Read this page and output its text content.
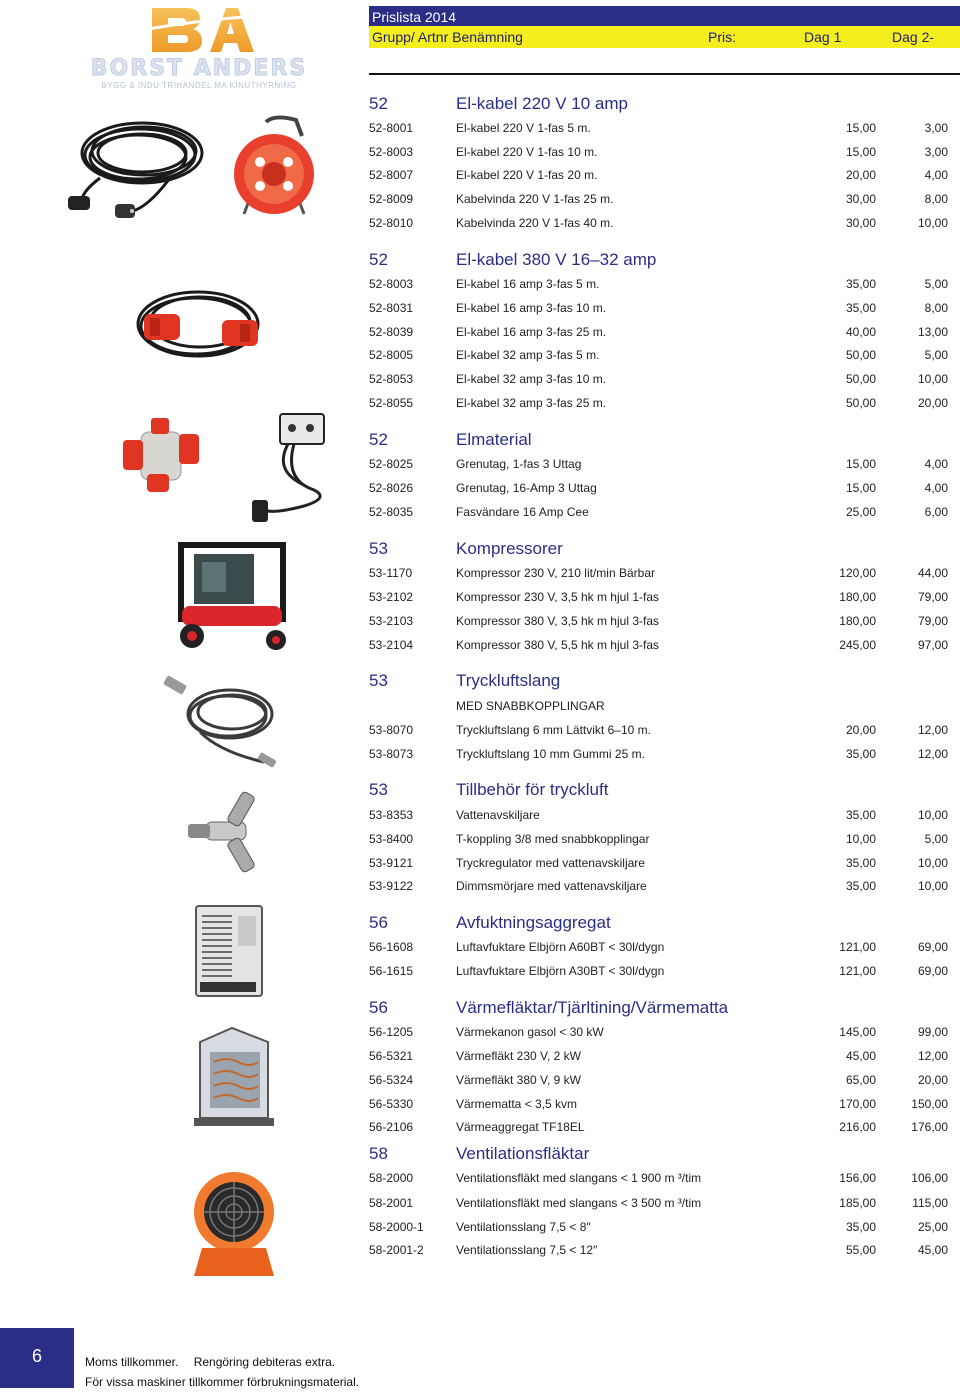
BORST ANDERS
BYGG & INDU TRIHANDEL MA KINUTHYRNING
Prislista 2014
Grupp/ Artnr Benämning	Pris:	Dag 1	Dag 2-
52	El-kabel 220 V 10 amp
52-8001	El-kabel 220 V 1-fas 5 m.	15,00	3,00
52-8003	El-kabel 220 V 1-fas 10 m.	15,00	3,00
52-8007	El-kabel 220 V 1-fas 20 m.	20,00	4,00
52-8009	Kabelvinda 220 V 1-fas 25 m.	30,00	8,00
52-8010	Kabelvinda 220 V 1-fas 40 m.	30,00	10,00
52	El-kabel 380 V 16–32 amp
52-8003	El-kabel 16 amp 3-fas 5 m.	35,00	5,00
52-8031	El-kabel 16 amp 3-fas 10 m.	35,00	8,00
52-8039	El-kabel 16 amp 3-fas 25 m.	40,00	13,00
52-8005	El-kabel 32 amp 3-fas 5 m.	50,00	5,00
52-8053	El-kabel 32 amp 3-fas 10 m.	50,00	10,00
52-8055	El-kabel 32 amp 3-fas 25 m.	50,00	20,00
52	Elmaterial
52-8025	Grenutag, 1-fas 3 Uttag	15,00	4,00
52-8026	Grenutag, 16-Amp 3 Uttag	15,00	4,00
52-8035	Fasvändare 16 Amp Cee	25,00	6,00
53	Kompressorer
53-1170	Kompressor 230 V, 210 lit/min Bärbar	120,00	44,00
53-2102	Kompressor 230 V, 3,5 hk m hjul 1-fas	180,00	79,00
53-2103	Kompressor 380 V, 3,5 hk m hjul 3-fas	180,00	79,00
53-2104	Kompressor 380 V, 5,5 hk m hjul 3-fas	245,00	97,00
53	Tryckluftslang
MED SNABBKOPPLINGAR
53-8070	Tryckluftslang 6 mm Lättvikt 6–10 m.	20,00	12,00
53-8073	Tryckluftslang 10 mm Gummi 25 m.	35,00	12,00
53	Tillbehör för tryckluft
53-8353	Vattenavskiljare	35,00	10,00
53-8400	T-koppling 3/8 med snabbkopplingar	10,00	5,00
53-9121	Tryckregulator med vattenavskiljare	35,00	10,00
53-9122	Dimmsmörjare med vattenavskiljare	35,00	10,00
56	Avfuktningsaggregat
56-1608	Luftavfuktare Elbjörn A60BT < 30l/dygn	121,00	69,00
56-1615	Luftavfuktare Elbjörn A30BT < 30l/dygn	121,00	69,00
56	Värmefläktar/Tjärltining/Värmematta
56-1205	Värmekanon gasol < 30 kW	145,00	99,00
56-5321	Värmefläkt 230 V, 2 kW	45,00	12,00
56-5324	Värmefläkt 380 V, 9 kW	65,00	20,00
56-5330	Värmematta < 3,5 kvm	170,00	150,00
56-2106	Värmeaggregat TF18EL	216,00	176,00
58	Ventilationsfläktar
58-2000	Ventilationsfläkt med slangans < 1 900 m ³/tim	156,00	106,00
58-2001	Ventilationsfläkt med slangans < 3 500 m ³/tim	185,00	115,00
58-2000-1	Ventilationsslang 7,5 < 8″	35,00	25,00
58-2001-2	Ventilationsslang 7,5 < 12″	55,00	45,00
6	Moms tillkommer. Rengöring debiteras extra.
För vissa maskiner tillkommer förbrukningsmaterial.
